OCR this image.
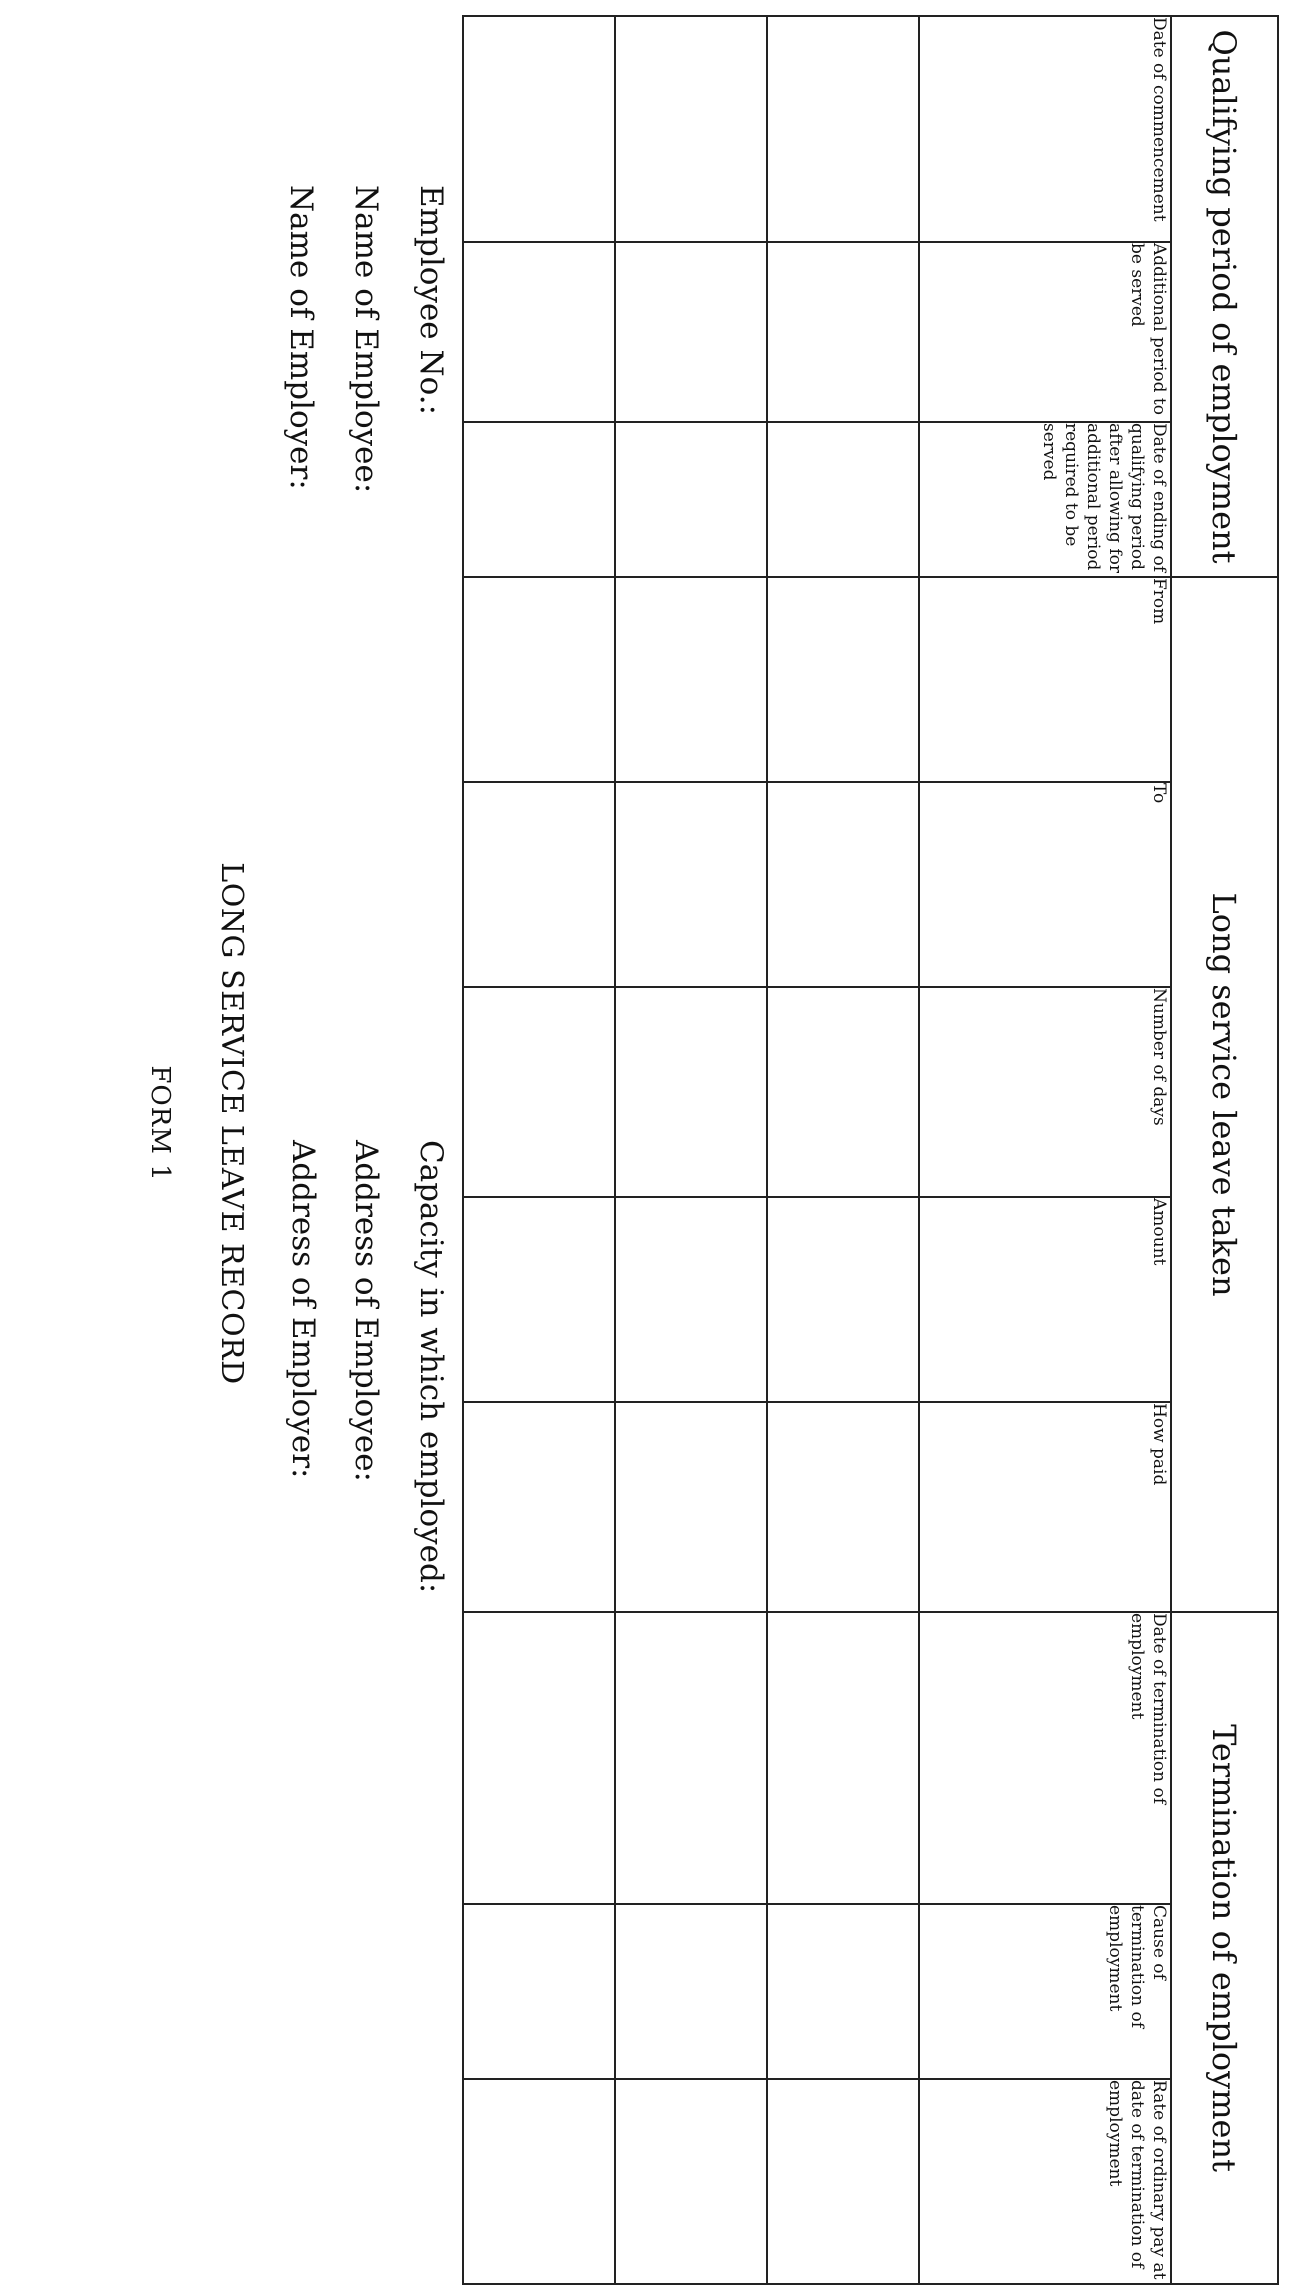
FORM 1 LONG SERVICE LEAVE RECORD
Name of Employer: Name of Employee: Employee No.:
Address of Employer: Address of Employee: Capacity in which employed:
Qualifying period of employment			Long service leave taken					Termination of employment		
Date of commencement	Additional period to be served	Date of ending of qualifying period after allowing for additional period required to be served	From	To	Number of days	Amount	How paid	Date of termination of employment	Cause of termination of employment	Rate of ordinary pay at date of termination of employment
